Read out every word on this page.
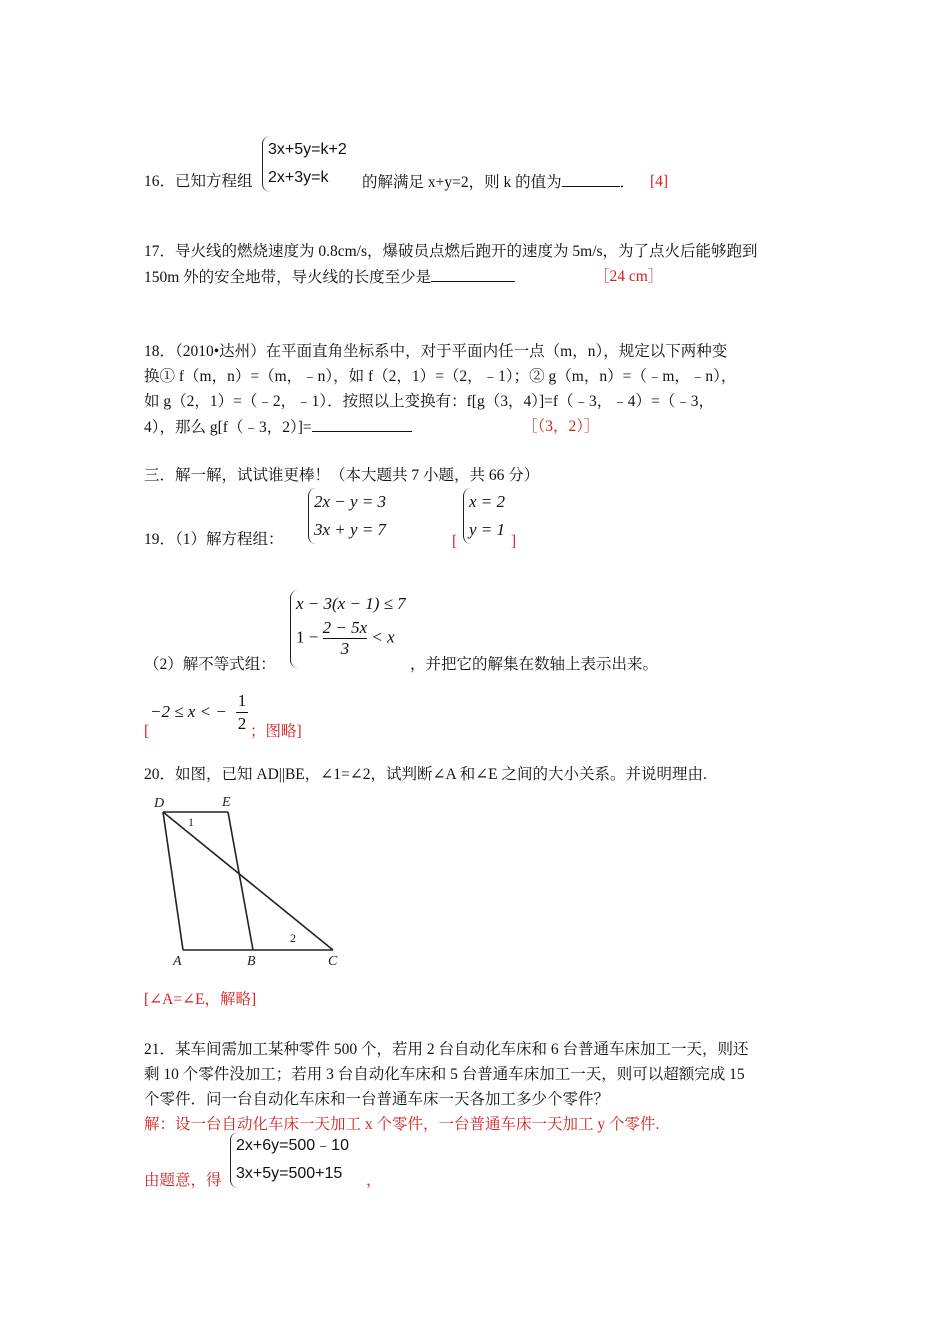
16．已知方程组
3x+5y=k+2
2x+3y=k	的解满足 x+y=2，则 k 的值为	． [4]
17．导火线的燃烧速度为 0.8cm/s，爆破员点燃后跑开的速度为 5m/s，为了点火后能够跑到
150m 外的安全地带，导火线的长度至少是	［24 cm］
18．（2010•达州）在平面直角坐标系中，对于平面内任一点（m，n），规定以下两种变
换① f（m，n）=（m，﹣n），如 f（2，1）=（2，﹣1）；② g（m，n）=（﹣m，﹣n），
如 g（2，1）=（﹣2，﹣1）．按照以上变换有：f[g（3，4）]=f（﹣3，﹣4）=（﹣3，
4），那么 g[f（﹣3，2）]=	［（3，2）］
三．解一解，试试谁更棒！（本大题共 7 小题，共 66 分）
19．（1）解方程组：
2x − y = 3
3x + y = 7
[
x = 2
y = 1
]
（2）解不等式组：
x − 3(x − 1) ≤ 7
$1 - \frac{2 - 5x}{3} < x$
，并把它的解集在数轴上表示出来。
[
−2 ≤ x < −
1
2 ；图略]
20．如图，已知 AD||BE，∠1=∠2，试判断∠A 和∠E 之间的大小关系。并说明理由.
D	E
A	B	C
1
2
[∠A=∠E，解略]
21．某车间需加工某种零件 500 个，若用 2 台自动化车床和 6 台普通车床加工一天，则还
剩 10 个零件没加工；若用 3 台自动化车床和 5 台普通车床加工一天，则可以超额完成 15
个零件．问一台自动化车床和一台普通车床一天各加工多少个零件？
解：设一台自动化车床一天加工 x 个零件，一台普通车床一天加工 y 个零件.
由题意，得
2x+6y=500﹣10
3x+5y=500+15	，
